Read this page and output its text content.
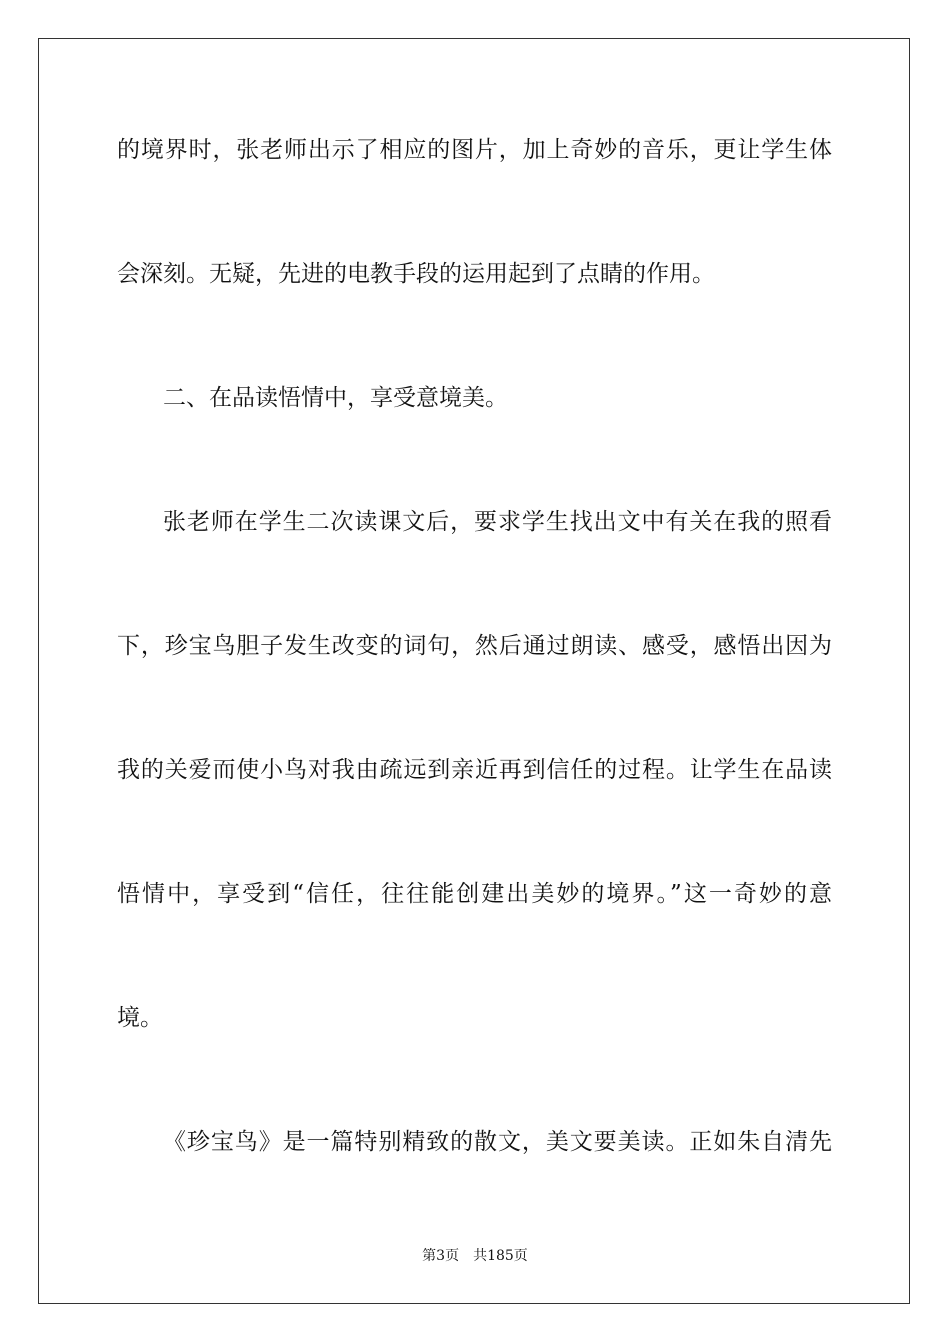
的境界时，张老师出示了相应的图片，加上奇妙的音乐，更让学生体
会深刻。无疑，先进的电教手段的运用起到了点睛的作用。
二、在品读悟情中，享受意境美。
张老师在学生二次读课文后，要求学生找出文中有关在我的照看
下，珍宝鸟胆子发生改变的词句，然后通过朗读、感受，感悟出因为
我的关爱而使小鸟对我由疏远到亲近再到信任的过程。让学生在品读
悟情中，享受到“信任，往往能创建出美妙的境界。”这一奇妙的意
境。
《珍宝鸟》是一篇特别精致的散文，美文要美读。正如朱自清先
第3页　共185页
